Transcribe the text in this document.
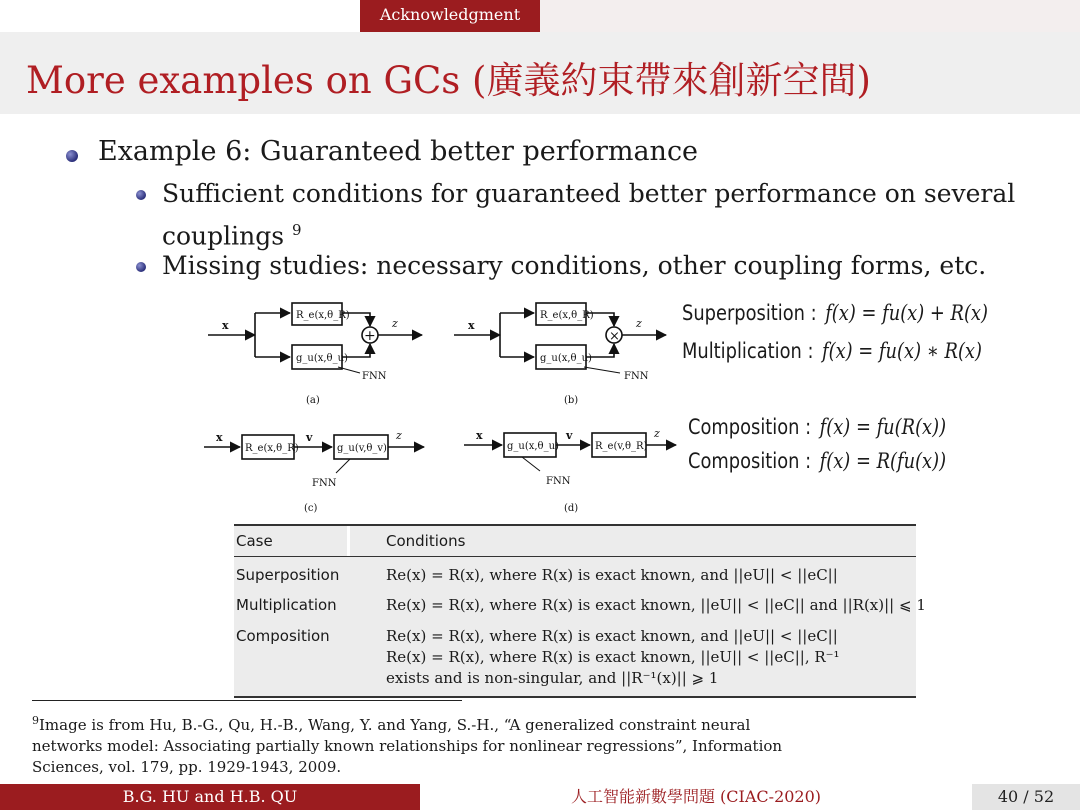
Acknowledgment
More examples on GCs (廣義約束帶來創新空間)
Example 6: Guaranteed better performance
Sufficient conditions for guaranteed better performance on several
couplings $^9$
Missing studies: necessary conditions, other coupling forms, etc.
x
R_e(x,θ_R)
g_u(x,θ_u)
+
z
FNN
(a)
x
R_e(x,θ_R)
g_u(x,θ_u)
×
z
FNN
(b)
x
R_e(x,θ_R)
v
g_u(v,θ_v)
z
FNN
(c)
x
g_u(x,θ_u)
v
R_e(v,θ_R)
z
FNN
(d)
Superposition : f(x) = fu(x) + R(x)
Multiplication : f(x) = fu(x) ∗ R(x)
Composition : f(x) = fu(R(x))
Composition : f(x) = R(fu(x))
Case	Conditions
Superposition	Re(x) = R(x), where R(x) is exact known, and ||eU|| < ||eC||
Multiplication	Re(x) = R(x), where R(x) is exact known, ||eU|| < ||eC|| and ||R(x)|| ⩽ 1
Composition	Re(x) = R(x), where R(x) is exact known, and ||eU|| < ||eC||
Re(x) = R(x), where R(x) is exact known, ||eU|| < ||eC||, R⁻¹
exists and is non-singular, and ||R⁻¹(x)|| ⩾ 1
$^9$Image is from Hu, B.-G., Qu, H.-B., Wang, Y. and Yang, S.-H., “A generalized constraint neural
networks model: Associating partially known relationships for nonlinear regressions”, Information
Sciences, vol. 179, pp. 1929-1943, 2009.
B.G. HU and H.B. QU	人工智能新數學問題 (CIAC-2020)	40 / 52
